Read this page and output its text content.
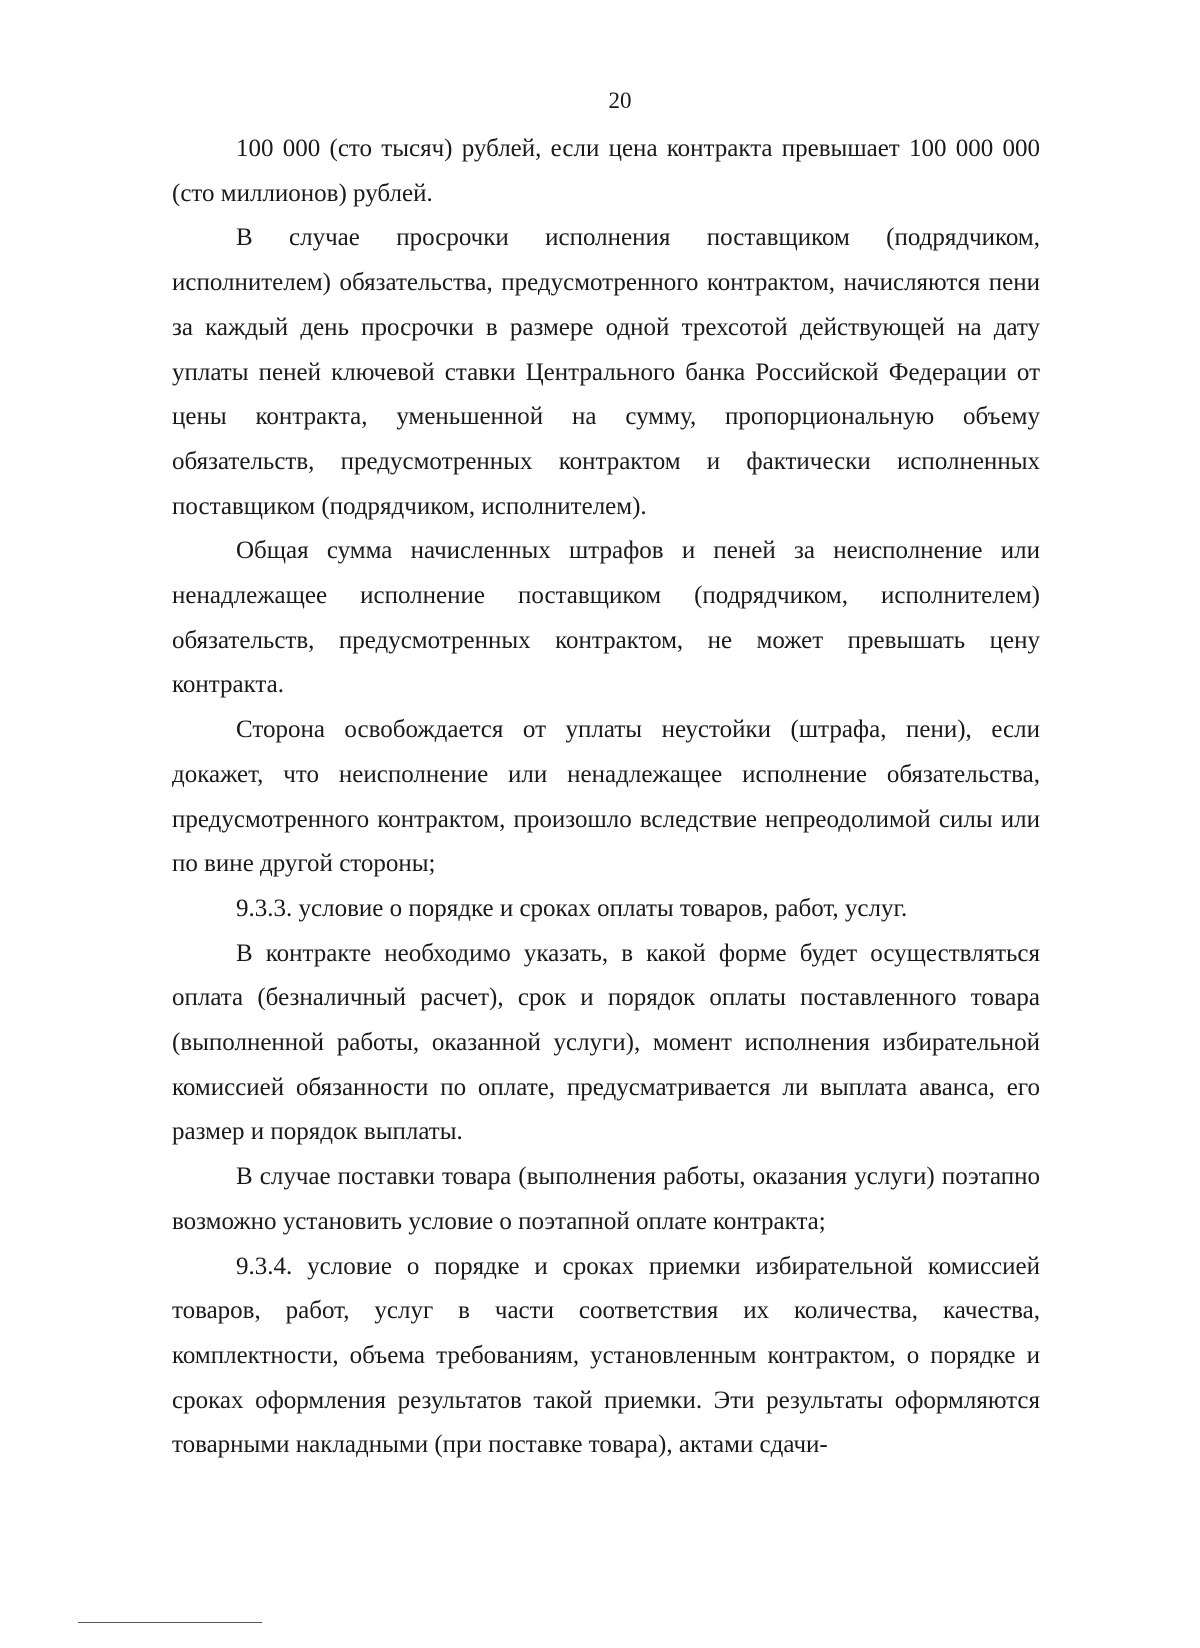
20

100 000 (сто тысяч) рублей, если цена контракта превышает 100 000 000 (сто миллионов) рублей.

В случае просрочки исполнения поставщиком (подрядчиком, исполнителем) обязательства, предусмотренного контрактом, начисляются пени за каждый день просрочки в размере одной трехсотой действующей на дату уплаты пеней ключевой ставки Центрального банка Российской Федерации от цены контракта, уменьшенной на сумму, пропорциональную объему обязательств, предусмотренных контрактом и фактически исполненных поставщиком (подрядчиком, исполнителем).

Общая сумма начисленных штрафов и пеней за неисполнение или ненадлежащее исполнение поставщиком (подрядчиком, исполнителем) обязательств, предусмотренных контрактом, не может превышать цену контракта.

Сторона освобождается от уплаты неустойки (штрафа, пени), если докажет, что неисполнение или ненадлежащее исполнение обязательства, предусмотренного контрактом, произошло вследствие непреодолимой силы или по вине другой стороны;

9.3.3. условие о порядке и сроках оплаты товаров, работ, услуг.

В контракте необходимо указать, в какой форме будет осуществляться оплата (безналичный расчет), срок и порядок оплаты поставленного товара (выполненной работы, оказанной услуги), момент исполнения избирательной комиссией обязанности по оплате, предусматривается ли выплата аванса, его размер и порядок выплаты.

В случае поставки товара (выполнения работы, оказания услуги) поэтапно возможно установить условие о поэтапной оплате контракта;

9.3.4. условие о порядке и сроках приемки избирательной комиссией товаров, работ, услуг в части соответствия их количества, качества, комплектности, объема требованиям, установленным контрактом, о порядке и сроках оформления результатов такой приемки. Эти результаты оформляются товарными накладными (при поставке товара), актами сдачи-
